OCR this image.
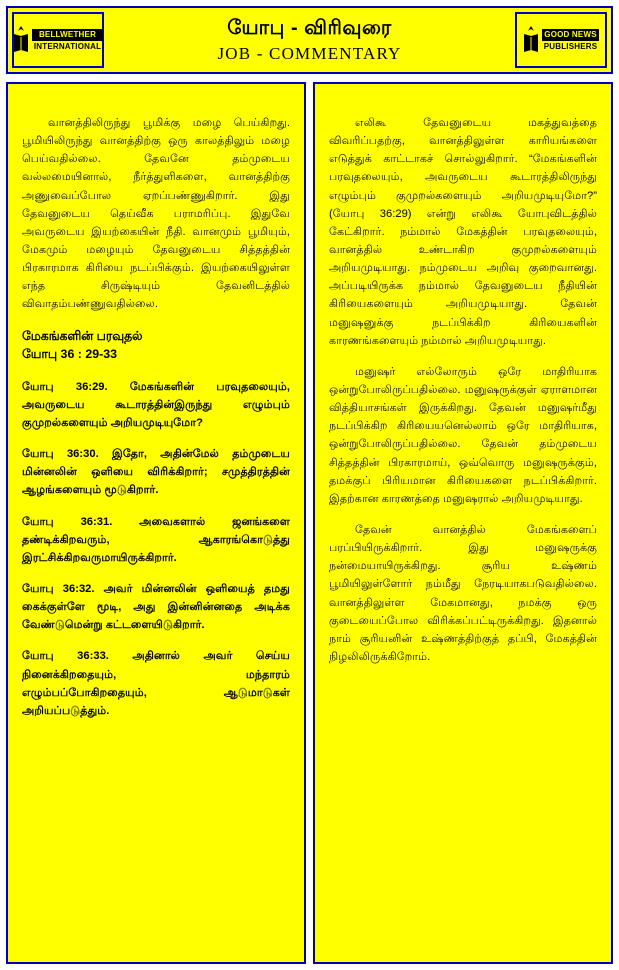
BELLWETHER
INTERNATIONAL
யோபு - விரிவுரை
JOB - COMMENTARY
GOOD NEWS
PUBLISHERS

வானத்திலிருந்து பூமிக்கு மழை பெய்கிறது. பூமியிலிருந்து வானத்திற்கு ஒரு காலத்திலும் மழை பெய்வதில்லை. தேவனே தம்முடைய வல்லமையினால், நீர்த்துளிகளை, வானத்திற்கு அணுவைப்போல ஏறப்பண்ணுகிறார். இது தேவனுடைய தெய்வீக பராமரிப்பு. இதுவே அவருடைய இயற்கையின் நீதி. வானமும் பூமியும், மேகமும் மழையும் தேவனுடைய சித்தத்தின் பிரகாரமாக கிரியை நடப்பிக்கும். இயற்கையிலுள்ள எந்த சிருஷ்டியும் தேவனிடத்தில் விவாதம்பண்ணுவதில்லை.

மேகங்களின் பரவுதல்
யோபு 36 : 29-33

யோபு 36:29. மேகங்களின் பரவுதலையும், அவருடைய கூடாரத்தின்இருந்து எழும்பும் குமுறல்களையும் அறியமுடியுமோ?

யோபு 36:30. இதோ, அதின்மேல் தம்முடைய மின்னலின் ஒளியை விரிக்கிறார்; சமுத்திரத்தின் ஆழங்களையும் மூடுகிறார்.

யோபு 36:31. அவைகளால் ஜனங்களை தண்டிக்கிறவரும், ஆகாரங்கொடுத்து இரட்சிக்கிறவருமாயிருக்கிறார்.

யோபு 36:32. அவர் மின்னலின் ஒளியைத் தமது கைக்குள்ளே மூடி, அது இன்னின்னதை அடிக்க வேண்டுமென்று கட்டளையிடுகிறார்.

யோபு 36:33. அதினால் அவர் செய்ய நினைக்கிறதையும், மந்தாரம் எழும்பப்போகிறதையும், ஆடுமாடுகள் அறியப்படுத்தும்.

எலிகூ தேவனுடைய மகத்துவத்தை விவரிப்பதற்கு, வானத்திலுள்ள காரியங்களை எடுத்துக் காட்டாகச் சொல்லுகிறார். “மேகங்களின் பரவுதலையும், அவருடைய கூடாரத்திலிருந்து எழும்பும் குமுறல்களையும் அறியமுடியுமோ?” (யோபு 36:29) என்று எலிகூ யோபுவிடத்தில் கேட்கிறார். நம்மால் மேகத்தின் பரவுதலையும், வானத்தில் உண்டாகிற குமுறல்களையும் அறியமுடியாது. நம்முடைய அறிவு குறைவானது. அப்படியிருக்க நம்மால் தேவனுடைய நீதியின் கிரியைகளையும் அறியமுடியாது. தேவன் மனுஷனுக்கு நடப்பிக்கிற கிரியைகளின் காரணங்களையும் நம்மால் அறியமுடியாது.

மனுஷர் எல்லோரும் ஒரே மாதிரியாக ஒன்றுபோலிருப்பதில்லை. மனுஷருக்குள் ஏராளமான வித்தியாசங்கள் இருக்கிறது. தேவன் மனுஷர்மீது நடப்பிக்கிற கிரியையனெல்லாம் ஒரே மாதிரியாக, ஒன்றுபோலிருப்பதில்லை. தேவன் தம்முடைய சித்தத்தின் பிரகாரமாய், ஒவ்வொரு மனுஷருக்கும், தமக்குப் பிரியமான கிரியைகளை நடப்பிக்கிறார். இதற்கான காரணத்தை மனுஷரால் அறியமுடியாது.

தேவன் வானத்தில் மேகங்களைப் பரப்பியிருக்கிறார். இது மனுஷருக்கு நன்மையாயிருக்கிறது. சூரிய உஷ்ணம் பூமியிலுள்ளோர் நம்மீது நேரடியாகபடுவதில்லை. வானத்திலுள்ள மேகமானது, நமக்கு ஒரு குடையைப்போல விரிக்கப்பட்டிருக்கிறது. இதனால் நாம் சூரியனின் உஷ்ணத்திற்குத் தப்பி, மேகத்தின் நிழலிலிருக்கிறோம்.
